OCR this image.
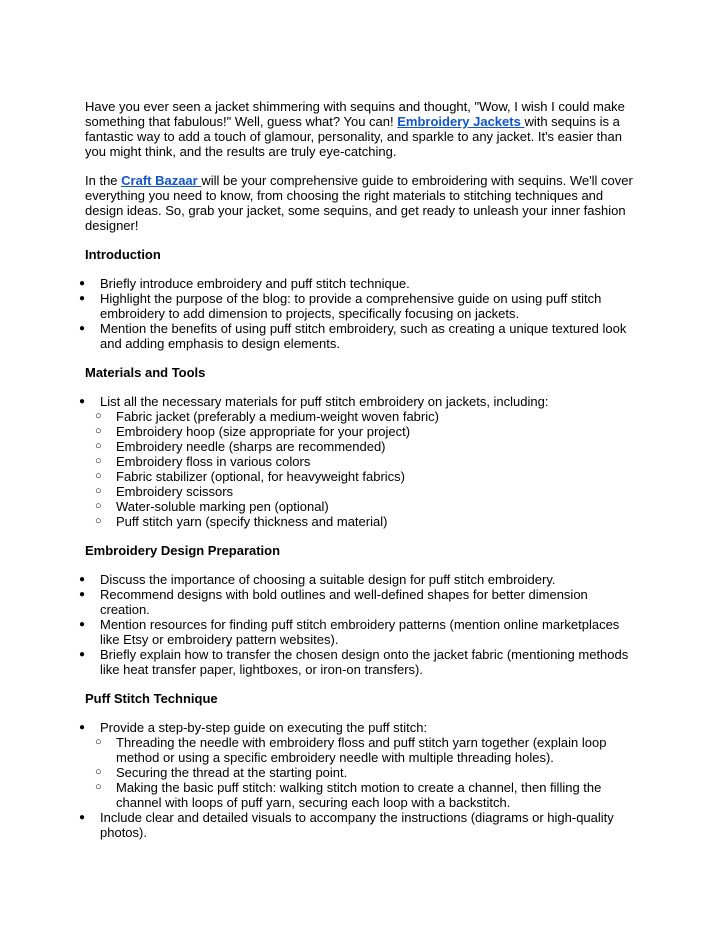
Have you ever seen a jacket shimmering with sequins and thought, "Wow, I wish I could make something that fabulous!" Well, guess what? You can! Embroidery Jackets with sequins is a fantastic way to add a touch of glamour, personality, and sparkle to any jacket. It's easier than you might think, and the results are truly eye-catching.

In the Craft Bazaar will be your comprehensive guide to embroidering with sequins. We'll cover everything you need to know, from choosing the right materials to stitching techniques and design ideas. So, grab your jacket, some sequins, and get ready to unleash your inner fashion designer!

Introduction
● Briefly introduce embroidery and puff stitch technique.
● Highlight the purpose of the blog: to provide a comprehensive guide on using puff stitch embroidery to add dimension to projects, specifically focusing on jackets.
● Mention the benefits of using puff stitch embroidery, such as creating a unique textured look and adding emphasis to design elements.
Materials and Tools
● List all the necessary materials for puff stitch embroidery on jackets, including:
○ Fabric jacket (preferably a medium-weight woven fabric)
○ Embroidery hoop (size appropriate for your project)
○ Embroidery needle (sharps are recommended)
○ Embroidery floss in various colors
○ Fabric stabilizer (optional, for heavyweight fabrics)
○ Embroidery scissors
○ Water-soluble marking pen (optional)
○ Puff stitch yarn (specify thickness and material)
Embroidery Design Preparation
● Discuss the importance of choosing a suitable design for puff stitch embroidery.
● Recommend designs with bold outlines and well-defined shapes for better dimension creation.
● Mention resources for finding puff stitch embroidery patterns (mention online marketplaces like Etsy or embroidery pattern websites).
● Briefly explain how to transfer the chosen design onto the jacket fabric (mentioning methods like heat transfer paper, lightboxes, or iron-on transfers).
Puff Stitch Technique
● Provide a step-by-step guide on executing the puff stitch:
○ Threading the needle with embroidery floss and puff stitch yarn together (explain loop method or using a specific embroidery needle with multiple threading holes).
○ Securing the thread at the starting point.
○ Making the basic puff stitch: walking stitch motion to create a channel, then filling the channel with loops of puff yarn, securing each loop with a backstitch.
● Include clear and detailed visuals to accompany the instructions (diagrams or high-quality photos).
